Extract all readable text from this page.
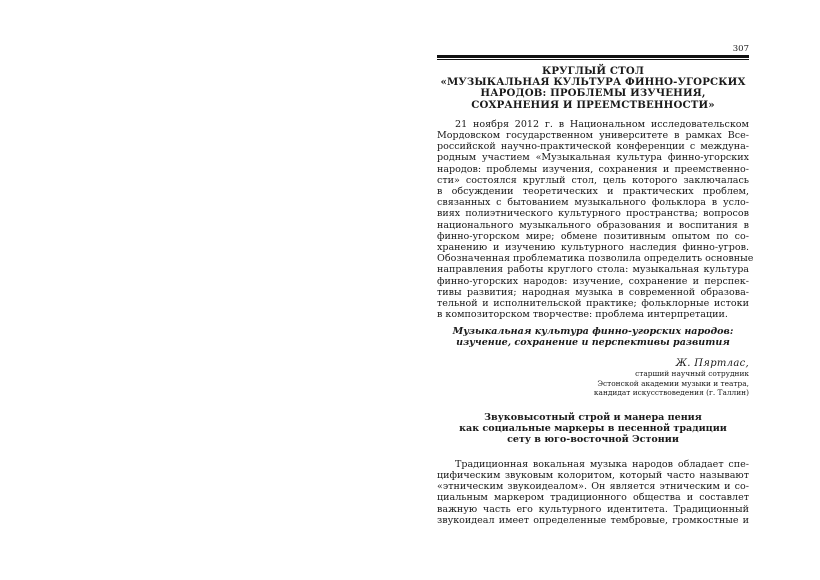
307
КРУГЛЫЙ СТОЛ
«МУЗЫКАЛЬНАЯ КУЛЬТУРА ФИННО-УГОРСКИХ
НАРОДОВ: ПРОБЛЕМЫ ИЗУЧЕНИЯ,
СОХРАНЕНИЯ И ПРЕЕМСТВЕННОСТИ»
21 ноября 2012 г. в Национальном исследовательском
Мордовском государственном университете в рамках Все-
российской научно-практической конференции с междуна-
родным участием «Музыкальная культура финно-угорских
народов: проблемы изучения, сохранения и преемственно-
сти» состоялся круглый стол, цель которого заключалась
в обсуждении теоретических и практических проблем,
связанных с бытованием музыкального фольклора в усло-
виях полиэтнического культурного пространства; вопросов
национального музыкального образования и воспитания в
финно-угорском мире; обмене позитивным опытом по со-
хранению и изучению культурного наследия финно-угров.
Обозначенная проблематика позволила определить основные
направления работы круглого стола: музыкальная культура
финно-угорских народов: изучение, сохранение и перспек-
тивы развития; народная музыка в современной образова-
тельной и исполнительской практике; фольклорные истоки
в композиторском творчестве: проблема интерпретации.
Музыкальная культура финно-угорских народов:
изучение, сохранение и перспективы развития
Ж. Пяртлас,
старший научный сотрудник
Эстонской академии музыки и театра,
кандидат искусствоведения (г. Таллин)
Звуковысотный строй и манера пения
как социальные маркеры в песенной традиции
сету в юго-восточной Эстонии
Традиционная вокальная музыка народов обладает спе-
цифическим звуковым колоритом, который часто называют
«этническим звукоидеалом». Он является этническим и со-
циальным маркером традиционного общества и составлет
важную часть его культурного идентитета. Традиционный
звукоидеал имеет определенные тембровые, громкостные и
